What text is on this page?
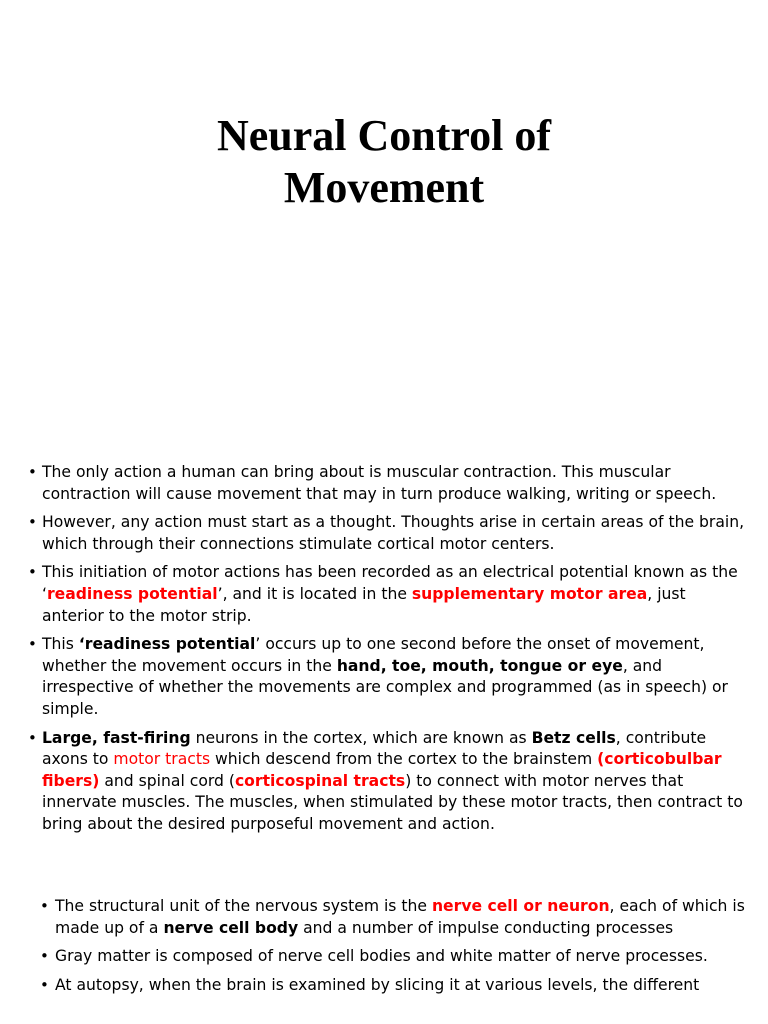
Neural Control of
Movement
• The only action a human can bring about is muscular contraction. This muscular contraction will cause movement that may in turn produce walking, writing or speech.
• However, any action must start as a thought. Thoughts arise in certain areas of the brain, which through their connections stimulate cortical motor centers.
• This initiation of motor actions has been recorded as an electrical potential known as the ‘readiness potential’, and it is located in the supplementary motor area, just anterior to the motor strip.
• This ‘readiness potential’ occurs up to one second before the onset of movement, whether the movement occurs in the hand, toe, mouth, tongue or eye, and irrespective of whether the movements are complex and programmed (as in speech) or simple.
• Large, fast-firing neurons in the cortex, which are known as Betz cells, contribute axons to motor tracts which descend from the cortex to the brainstem (corticobulbar fibers) and spinal cord (corticospinal tracts) to connect with motor nerves that innervate muscles. The muscles, when stimulated by these motor tracts, then contract to bring about the desired purposeful movement and action.
• The structural unit of the nervous system is the nerve cell or neuron, each of which is made up of a nerve cell body and a number of impulse conducting processes
• Gray matter is composed of nerve cell bodies and white matter of nerve processes.
• At autopsy, when the brain is examined by slicing it at various levels, the different
